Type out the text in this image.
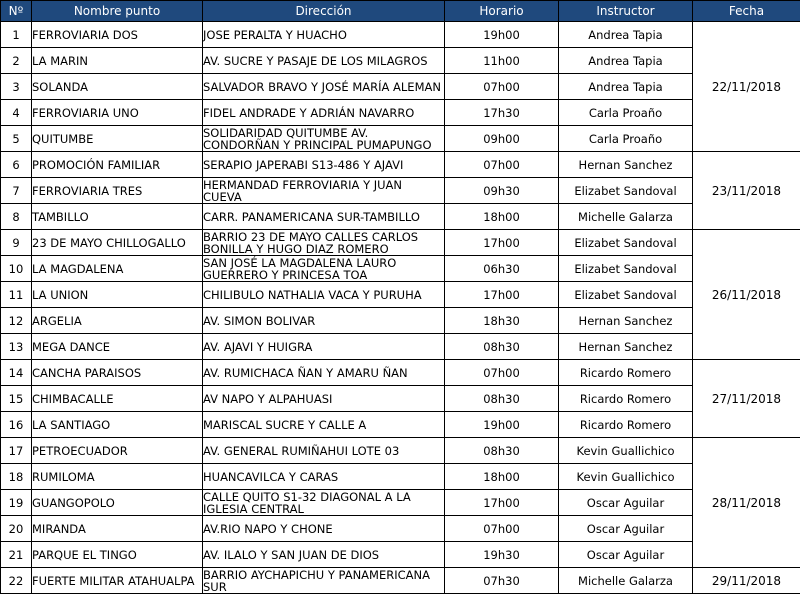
Nº	Nombre punto	Dirección	Horario	Instructor	Fecha
1	FERROVIARIA DOS	JOSE PERALTA Y HUACHO	19h00	Andrea Tapia	22/11/2018
2	LA MARIN	AV. SUCRE Y PASAJE DE LOS MILAGROS	11h00	Andrea Tapia	
3	SOLANDA	SALVADOR BRAVO Y JOSÉ MARÍA ALEMAN	07h00	Andrea Tapia	
4	FERROVIARIA UNO	FIDEL ANDRADE Y ADRIÁN NAVARRO	17h30	Carla Proaño	
5	QUITUMBE	SOLIDARIDAD QUITUMBE AV. CONDORÑAN Y PRINCIPAL PUMAPUNGO	09h00	Carla Proaño	
6	PROMOCIÓN FAMILIAR	SERAPIO JAPERABI S13-486 Y AJAVI	07h00	Hernan Sanchez	23/11/2018
7	FERROVIARIA TRES	HERMANDAD FERROVIARIA Y JUAN CUEVA	09h30	Elizabet Sandoval	
8	TAMBILLO	CARR. PANAMERICANA SUR-TAMBILLO	18h00	Michelle Galarza	
9	23 DE MAYO CHILLOGALLO	BARRIO 23 DE MAYO CALLES CARLOS BONILLA Y HUGO DIAZ ROMERO	17h00	Elizabet Sandoval	26/11/2018
10	LA MAGDALENA	SAN JOSÉ LA MAGDALENA LAURO GUERRERO Y PRINCESA TOA	06h30	Elizabet Sandoval	
11	LA UNION	CHILIBULO NATHALIA VACA Y PURUHA	17h00	Elizabet Sandoval	
12	ARGELIA	AV. SIMON BOLIVAR	18h30	Hernan Sanchez	
13	MEGA DANCE	AV. AJAVI Y HUIGRA	08h30	Hernan Sanchez	
14	CANCHA PARAISOS	AV. RUMICHACA ÑAN Y AMARU ÑAN	07h00	Ricardo Romero	27/11/2018
15	CHIMBACALLE	AV NAPO Y ALPAHUASI	08h30	Ricardo Romero	
16	LA SANTIAGO	MARISCAL SUCRE Y CALLE A	19h00	Ricardo Romero	
17	PETROECUADOR	AV. GENERAL RUMIÑAHUI LOTE 03	08h30	Kevin Guallichico	28/11/2018
18	RUMILOMA	HUANCAVILCA Y CARAS	18h00	Kevin Guallichico	
19	GUANGOPOLO	CALLE QUITO S1-32 DIAGONAL A LA IGLESIA CENTRAL	17h00	Oscar Aguilar	
20	MIRANDA	AV.RIO NAPO Y CHONE	07h00	Oscar Aguilar	
21	PARQUE EL TINGO	AV. ILALO Y SAN JUAN DE DIOS	19h30	Oscar Aguilar	
22	FUERTE MILITAR ATAHUALPA	BARRIO AYCHAPICHU Y PANAMERICANA SUR	07h30	Michelle Galarza	29/11/2018
